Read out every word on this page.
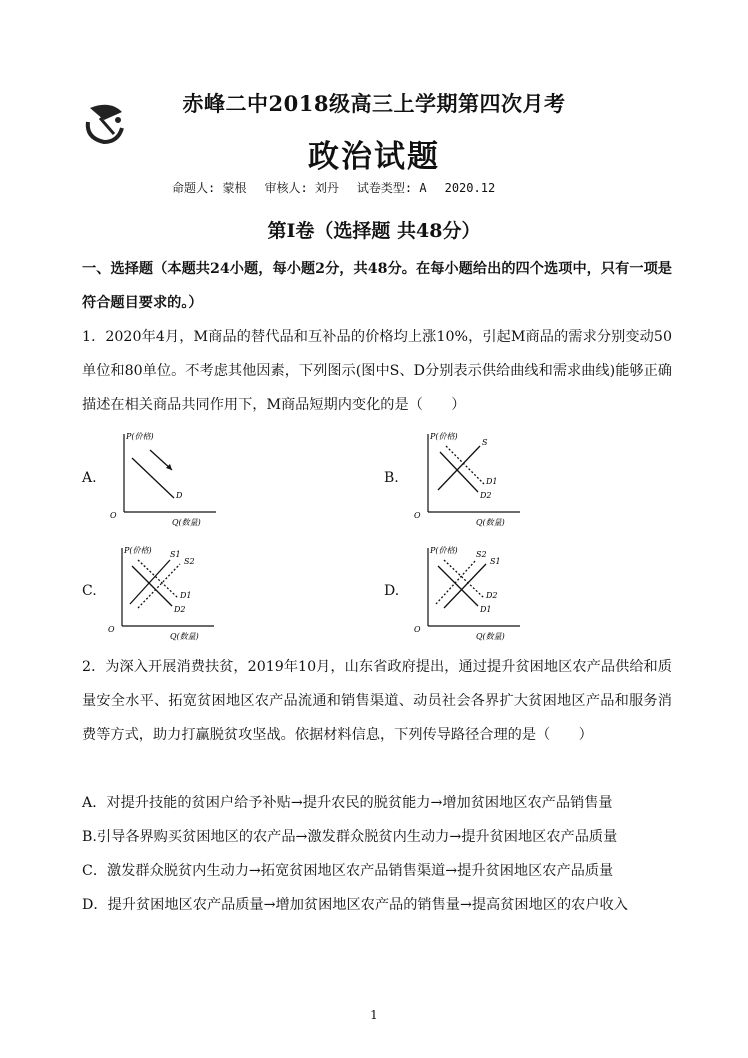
赤峰二中2018级高三上学期第四次月考
政治试题
命题人: 蒙根 审核人: 刘丹 试卷类型: A 2020.12
第Ⅰ卷（选择题 共48分）
一、选择题（本题共24小题，每小题2分，共48分。在每小题给出的四个选项中，只有一项是符合题目要求的。）
1．2020年4月，M商品的替代品和互补品的价格均上涨10%，引起M商品的需求分别变动50单位和80单位。不考虑其他因素，下列图示(图中S、D分别表示供给曲线和需求曲线)能够正确描述在相关商品共同作用下，M商品短期内变化的是（　　）
A.
P(价格)
Q(数量)
O
D
B.
P(价格)
Q(数量)
O
S
D1
D2
C.
P(价格)
Q(数量)
O
S1
S2
D1
D2
D.
P(价格)
Q(数量)
O
S2
S1
D2
D1
2．为深入开展消费扶贫，2019年10月，山东省政府提出，通过提升贫困地区农产品供给和质量安全水平、拓宽贫困地区农产品流通和销售渠道、动员社会各界扩大贫困地区产品和服务消费等方式，助力打赢脱贫攻坚战。依据材料信息，下列传导路径合理的是（　　）
A．对提升技能的贫困户给予补贴→提升农民的脱贫能力→增加贫困地区农产品销售量
B.引导各界购买贫困地区的农产品→激发群众脱贫内生动力→提升贫困地区农产品质量
C．激发群众脱贫内生动力→拓宽贫困地区农产品销售渠道→提升贫困地区农产品质量
D．提升贫困地区农产品质量→增加贫困地区农产品的销售量→提高贫困地区的农户收入
1
